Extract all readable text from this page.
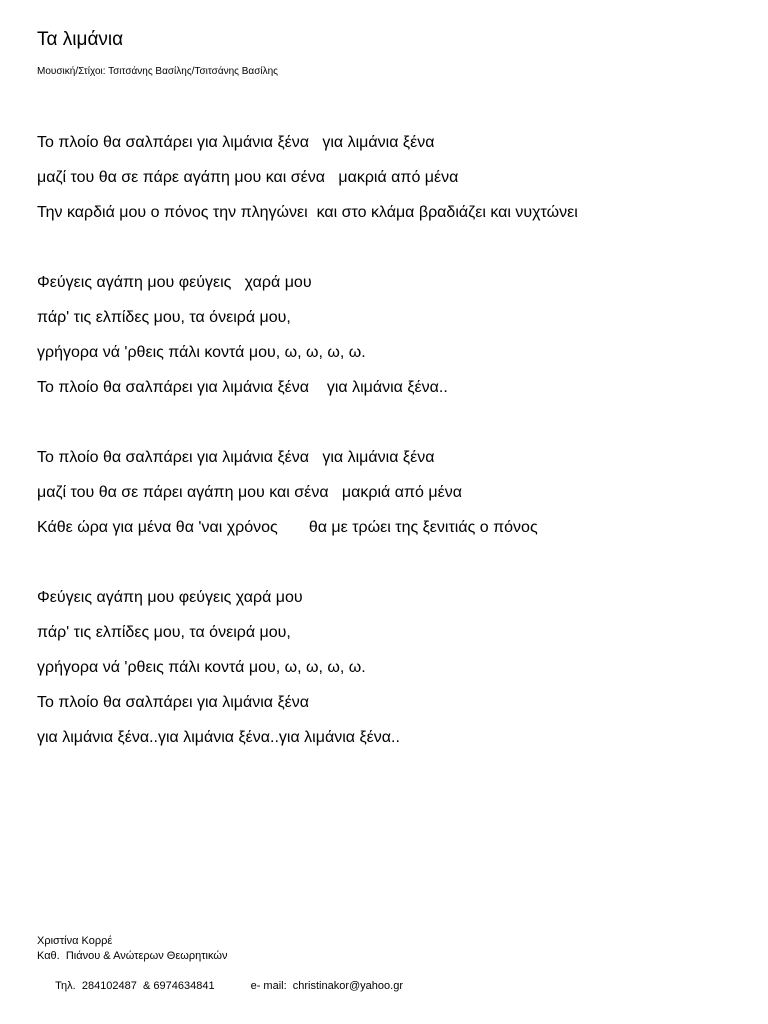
Τα λιμάνια
Μουσική/Στίχοι: Τσιτσάνης Βασίλης/Τσιτσάνης Βασίλης
Το πλοίο θα σαλπάρει για λιμάνια ξένα   για λιμάνια ξένα
μαζί του θα σε πάρε αγάπη μου και σένα   μακριά από μένα
Την καρδιά μου ο πόνος την πληγώνει  και στο κλάμα βραδιάζει και νυχτώνει
Φεύγεις αγάπη μου φεύγεις   χαρά μου
πάρ' τις ελπίδες μου, τα όνειρά μου,
γρήγορα νά 'ρθεις πάλι κοντά μου, ω, ω, ω, ω.
Το πλοίο θα σαλπάρει για λιμάνια ξένα    για λιμάνια ξένα..
Το πλοίο θα σαλπάρει για λιμάνια ξένα   για λιμάνια ξένα
μαζί του θα σε πάρει αγάπη μου και σένα   μακριά από μένα
Κάθε ώρα για μένα θα 'ναι χρόνος       θα με τρώει της ξενιτιάς ο πόνος
Φεύγεις αγάπη μου φεύγεις χαρά μου
πάρ' τις ελπίδες μου, τα όνειρά μου,
γρήγορα νά 'ρθεις πάλι κοντά μου, ω, ω, ω, ω.
Το πλοίο θα σαλπάρει για λιμάνια ξένα
για λιμάνια ξένα..για λιμάνια ξένα..για λιμάνια ξένα..
Χριστίνα Κορρέ
Καθ.  Πιάνου & Ανώτερων Θεωρητικών

Τηλ.  284102487  & 6974634841	e- mail:  christinakor@yahoo.gr
